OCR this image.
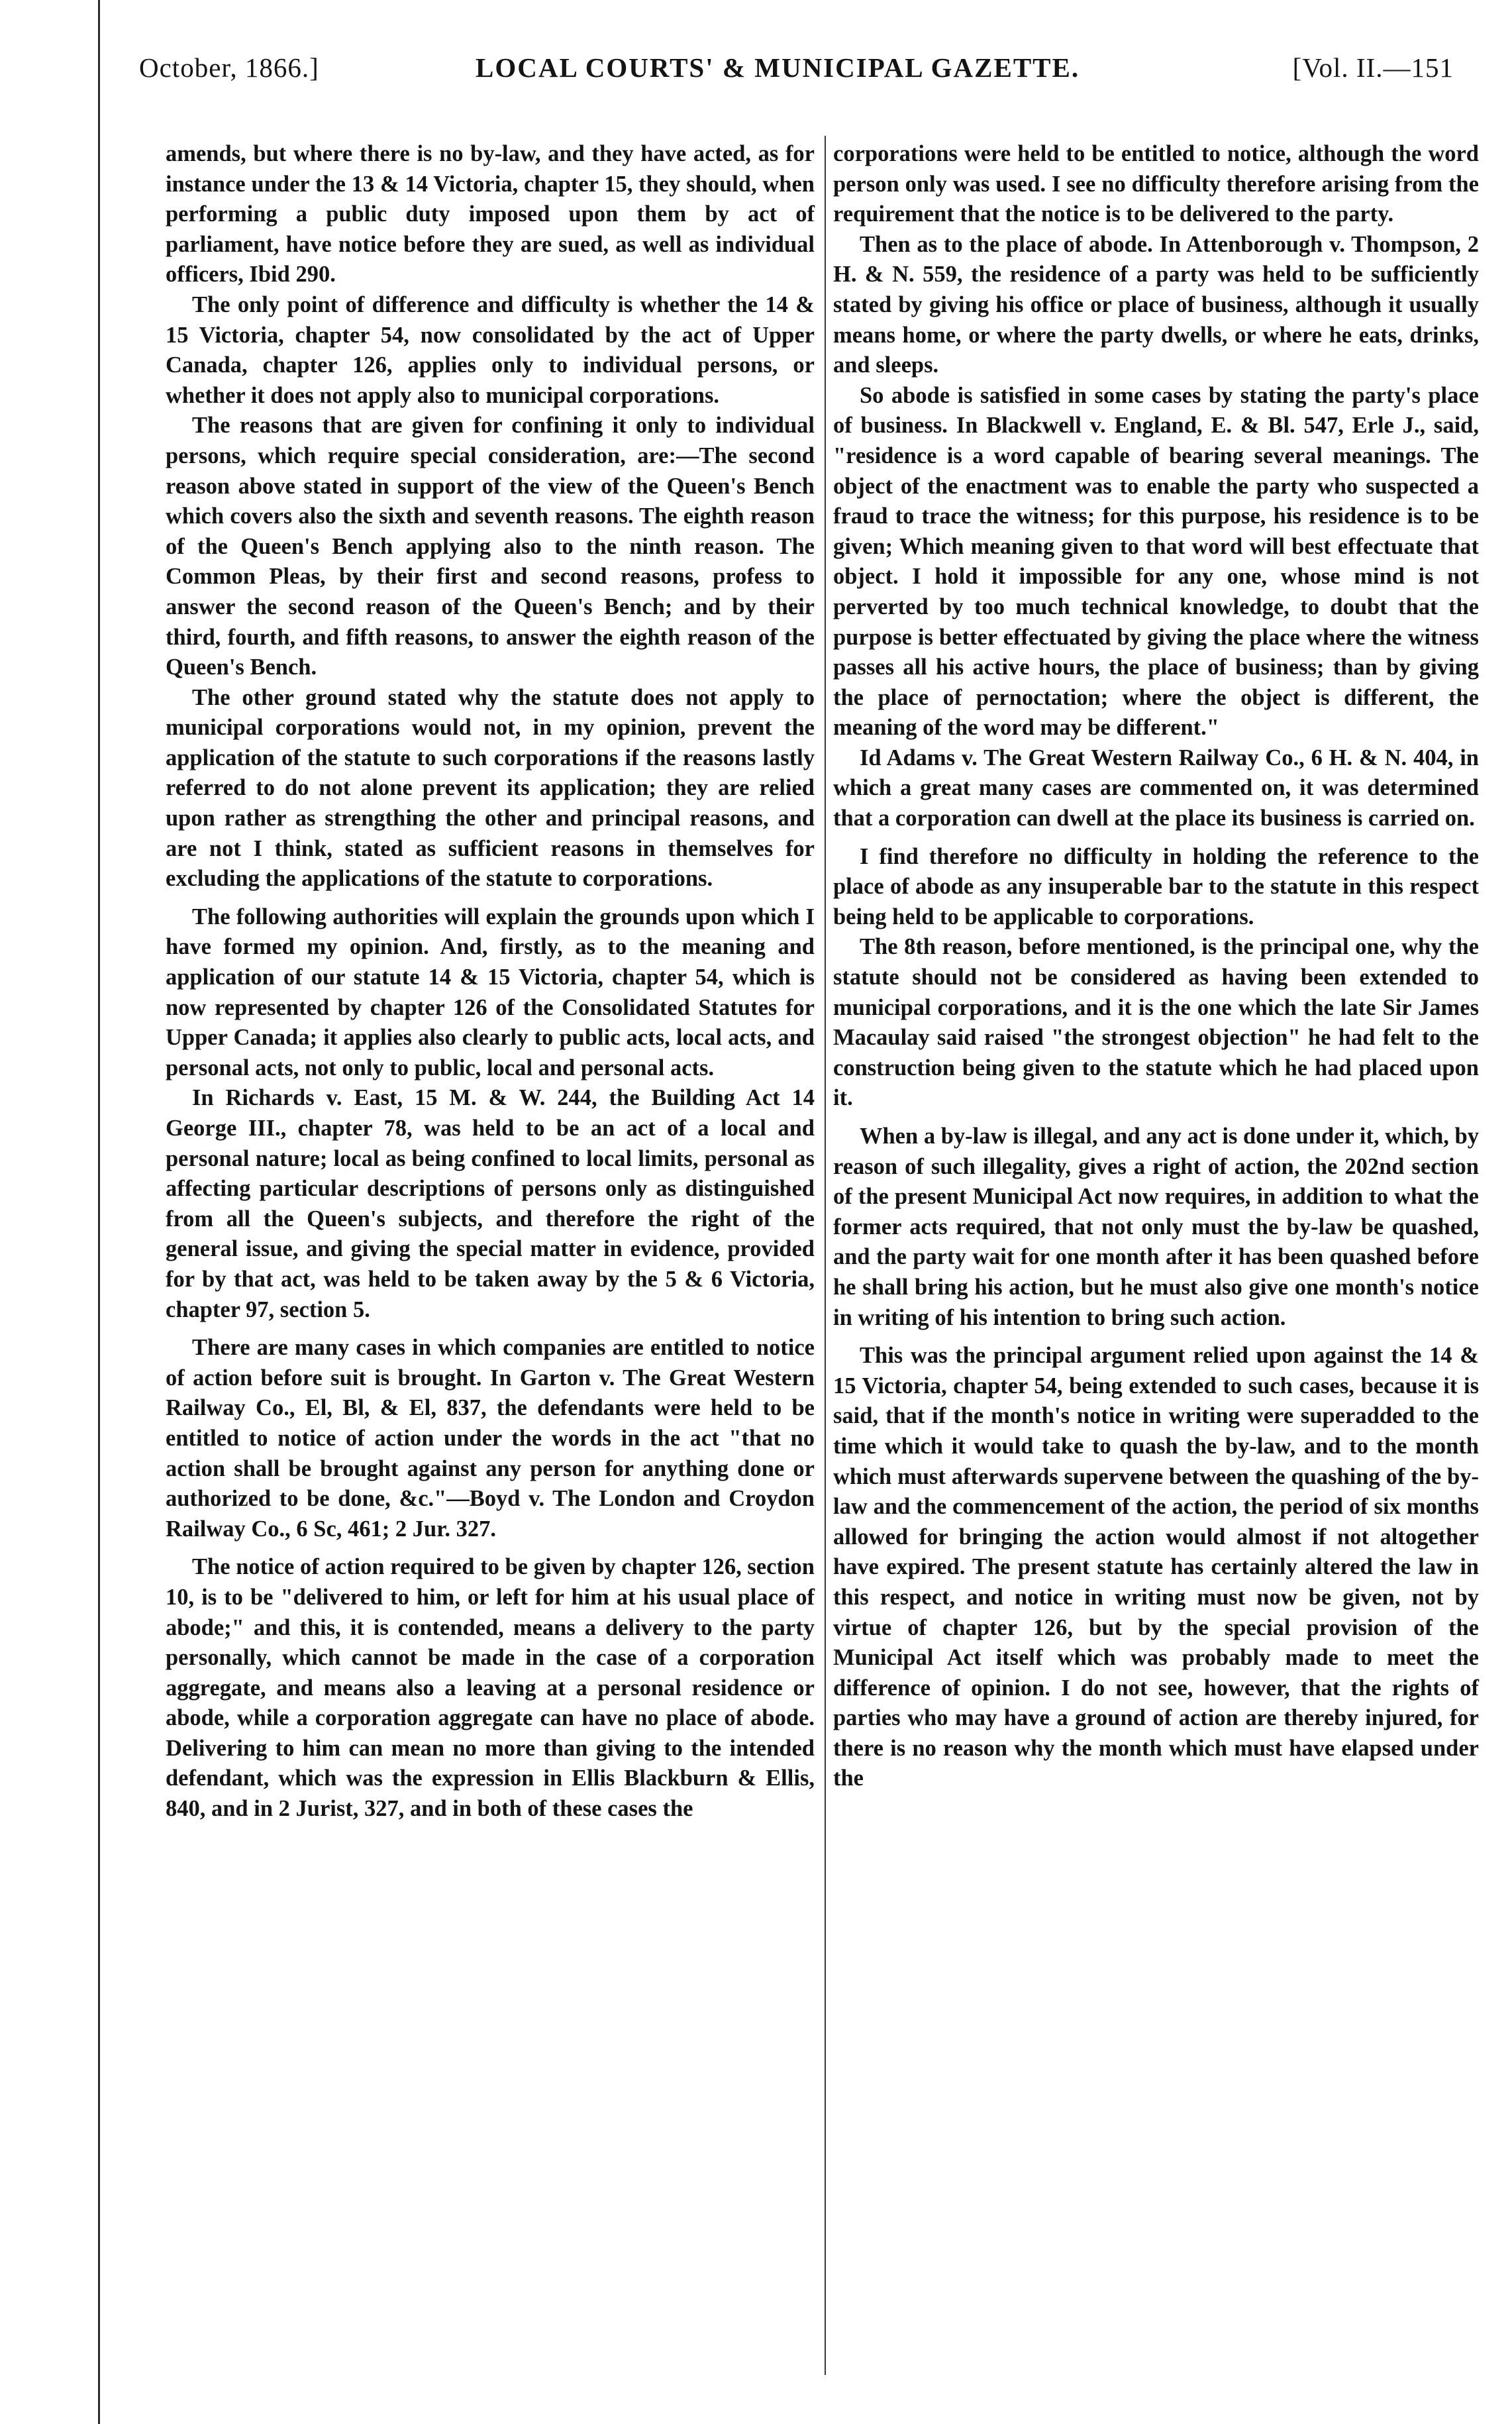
October, 1866.]	LOCAL COURTS' & MUNICIPAL GAZETTE.	[Vol. II.—151

amends, but where there is no by-law, and they have acted, as for instance under the 13 & 14 Victoria, chapter 15, they should, when performing a public duty imposed upon them by act of parliament, have notice before they are sued, as well as individual officers, Ibid 290.

The only point of difference and difficulty is whether the 14 & 15 Victoria, chapter 54, now consolidated by the act of Upper Canada, chapter 126, applies only to individual persons, or whether it does not apply also to municipal corporations.

The reasons that are given for confining it only to individual persons, which require special consideration, are:—The second reason above stated in support of the view of the Queen's Bench which covers also the sixth and seventh reasons. The eighth reason of the Queen's Bench applying also to the ninth reason. The Common Pleas, by their first and second reasons, profess to answer the second reason of the Queen's Bench; and by their third, fourth, and fifth reasons, to answer the eighth reason of the Queen's Bench.

The other ground stated why the statute does not apply to municipal corporations would not, in my opinion, prevent the application of the statute to such corporations if the reasons lastly referred to do not alone prevent its application; they are relied upon rather as strengthing the other and principal reasons, and are not I think, stated as sufficient reasons in themselves for excluding the applications of the statute to corporations.

The following authorities will explain the grounds upon which I have formed my opinion. And, firstly, as to the meaning and application of our statute 14 & 15 Victoria, chapter 54, which is now represented by chapter 126 of the Consolidated Statutes for Upper Canada; it applies also clearly to public acts, local acts, and personal acts, not only to public, local and personal acts.

In Richards v. East, 15 M. & W. 244, the Building Act 14 George III., chapter 78, was held to be an act of a local and personal nature; local as being confined to local limits, personal as affecting particular descriptions of persons only as distinguished from all the Queen's subjects, and therefore the right of the general issue, and giving the special matter in evidence, provided for by that act, was held to be taken away by the 5 & 6 Victoria, chapter 97, section 5.

There are many cases in which companies are entitled to notice of action before suit is brought. In Garton v. The Great Western Railway Co., El, Bl, & El, 837, the defendants were held to be entitled to notice of action under the words in the act "that no action shall be brought against any person for anything done or authorized to be done, &c."—Boyd v. The London and Croydon Railway Co., 6 Sc, 461; 2 Jur. 327.

The notice of action required to be given by chapter 126, section 10, is to be "delivered to him, or left for him at his usual place of abode;" and this, it is contended, means a delivery to the party personally, which cannot be made in the case of a corporation aggregate, and means also a leaving at a personal residence or abode, while a corporation aggregate can have no place of abode. Delivering to him can mean no more than giving to the intended defendant, which was the expression in Ellis Blackburn & Ellis, 840, and in 2 Jurist, 327, and in both of these cases the

corporations were held to be entitled to notice, although the word person only was used. I see no difficulty therefore arising from the requirement that the notice is to be delivered to the party.

Then as to the place of abode. In Attenborough v. Thompson, 2 H. & N. 559, the residence of a party was held to be sufficiently stated by giving his office or place of business, although it usually means home, or where the party dwells, or where he eats, drinks, and sleeps.

So abode is satisfied in some cases by stating the party's place of business. In Blackwell v. England, E. & Bl. 547, Erle J., said, "residence is a word capable of bearing several meanings. The object of the enactment was to enable the party who suspected a fraud to trace the witness; for this purpose, his residence is to be given; Which meaning given to that word will best effectuate that object. I hold it impossible for any one, whose mind is not perverted by too much technical knowledge, to doubt that the purpose is better effectuated by giving the place where the witness passes all his active hours, the place of business; than by giving the place of pernoctation; where the object is different, the meaning of the word may be different."

Id Adams v. The Great Western Railway Co., 6 H. & N. 404, in which a great many cases are commented on, it was determined that a corporation can dwell at the place its business is carried on.

I find therefore no difficulty in holding the reference to the place of abode as any insuperable bar to the statute in this respect being held to be applicable to corporations.

The 8th reason, before mentioned, is the principal one, why the statute should not be considered as having been extended to municipal corporations, and it is the one which the late Sir James Macaulay said raised "the strongest objection" he had felt to the construction being given to the statute which he had placed upon it.

When a by-law is illegal, and any act is done under it, which, by reason of such illegality, gives a right of action, the 202nd section of the present Municipal Act now requires, in addition to what the former acts required, that not only must the by-law be quashed, and the party wait for one month after it has been quashed before he shall bring his action, but he must also give one month's notice in writing of his intention to bring such action.

This was the principal argument relied upon against the 14 & 15 Victoria, chapter 54, being extended to such cases, because it is said, that if the month's notice in writing were superadded to the time which it would take to quash the by-law, and to the month which must afterwards supervene between the quashing of the by-law and the commencement of the action, the period of six months allowed for bringing the action would almost if not altogether have expired. The present statute has certainly altered the law in this respect, and notice in writing must now be given, not by virtue of chapter 126, but by the special provision of the Municipal Act itself which was probably made to meet the difference of opinion. I do not see, however, that the rights of parties who may have a ground of action are thereby injured, for there is no reason why the month which must have elapsed under the
